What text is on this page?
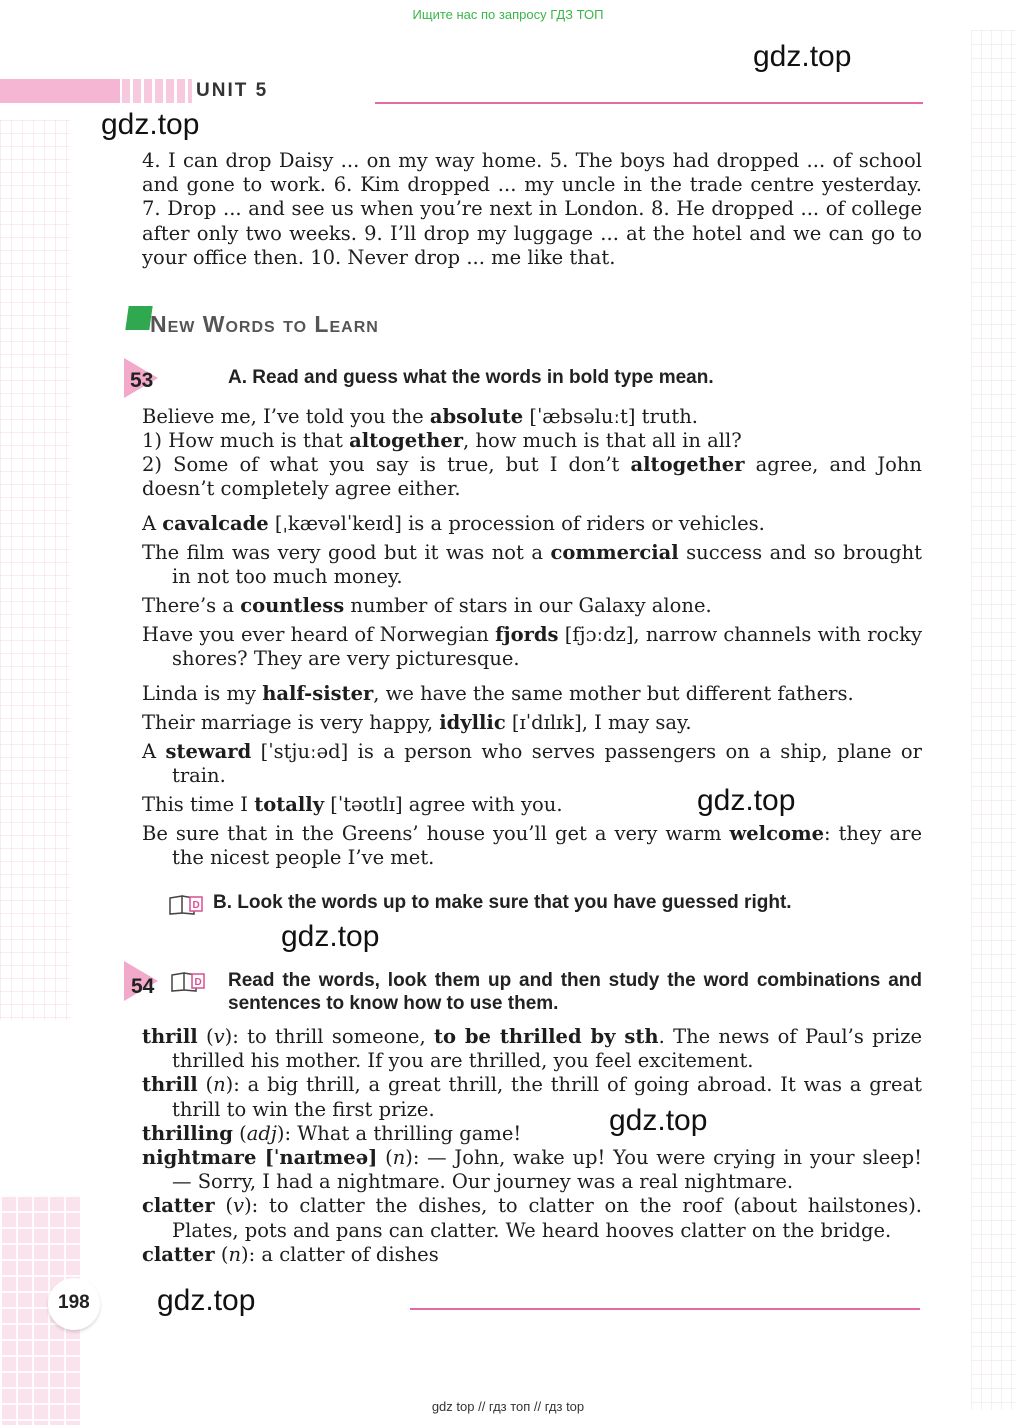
Ищите нас по запросу ГДЗ ТОП
UNIT 5
gdz.top
gdz.top
gdz.top
gdz.top
gdz.top
gdz.top

4. I can drop Daisy ... on my way home. 5. The boys had dropped ... of school and gone to work. 6. Kim dropped ... my uncle in the trade centre yesterday. 7. Drop ... and see us when you’re next in London. 8. He dropped ... of college after only two weeks. 9. I’ll drop my luggage ... at the hotel and we can go to your office then. 10. Never drop ... me like that.

New Words to Learn
53	A. Read and guess what the words in bold type mean.

Believe me, I’ve told you the absolute [ˈæbsəluːt] truth.

1) How much is that altogether, how much is that all in all?

2) Some of what you say is true, but I don’t altogether agree, and John doesn’t completely agree either.

A cavalcade [ˌkævəlˈkeɪd] is a procession of riders or vehicles.

The film was very good but it was not a commercial success and so brought in not too much money.

There’s a countless number of stars in our Galaxy alone.

Have you ever heard of Norwegian fjords [fjɔːdz], narrow channels with rocky shores? They are very picturesque.

Linda is my half-sister, we have the same mother but different fathers.

Their marriage is very happy, idyllic [ɪˈdɪlɪk], I may say.

A steward [ˈstjuːəd] is a person who serves passengers on a ship, plane or train.

This time I totally [ˈtəʊtlɪ] agree with you.

Be sure that in the Greens’ house you’ll get a very warm welcome: they are the nicest people I’ve met.

D B. Look the words up to make sure that you have guessed right.
54	D Read the words, look them up and then study the word combinations and sentences to know how to use them.

thrill (v): to thrill someone, to be thrilled by sth. The news of Paul’s prize thrilled his mother. If you are thrilled, you feel excitement.

thrill (n): a big thrill, a great thrill, the thrill of going abroad. It was a great thrill to win the first prize.

thrilling (adj): What a thrilling game!

nightmare [ˈnaɪtmeə] (n): — John, wake up! You were crying in your sleep! — Sorry, I had a nightmare. Our journey was a real nightmare.

clatter (v): to clatter the dishes, to clatter on the roof (about hailstones). Plates, pots and pans can clatter. We heard hooves clatter on the bridge.

clatter (n): a clatter of dishes

198
gdz top // гдз топ // гдз top
